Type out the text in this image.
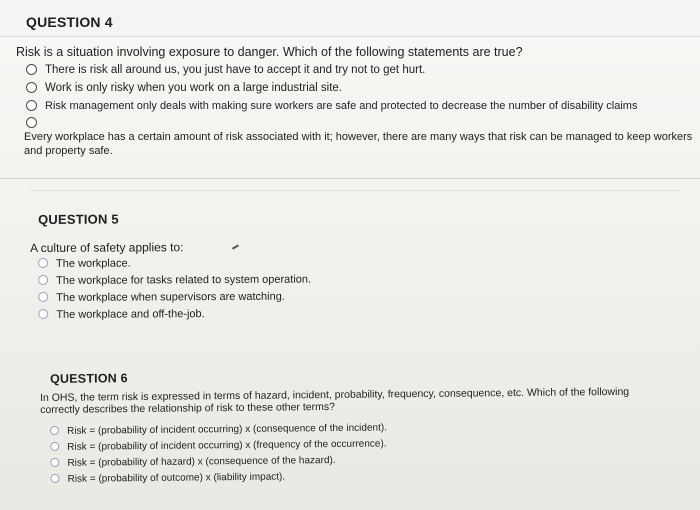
QUESTION 4
Risk is a situation involving exposure to danger. Which of the following statements are true?
There is risk all around us, you just have to accept it and try not to get hurt.
Work is only risky when you work on a large industrial site.
Risk management only deals with making sure workers are safe and protected to decrease the number of disability claims
Every workplace has a certain amount of risk associated with it; however, there are many ways that risk can be managed to keep workers and property safe.
QUESTION 5
A culture of safety applies to:
The workplace.
The workplace for tasks related to system operation.
The workplace when supervisors are watching.
The workplace and off-the-job.
QUESTION 6
In OHS, the term risk is expressed in terms of hazard, incident, probability, frequency, consequence, etc. Which of the following correctly describes the relationship of risk to these other terms?
Risk = (probability of incident occurring) x (consequence of the incident).
Risk = (probability of incident occurring) x (frequency of the occurrence).
Risk = (probability of hazard) x (consequence of the hazard).
Risk = (probability of outcome) x (liability impact).
